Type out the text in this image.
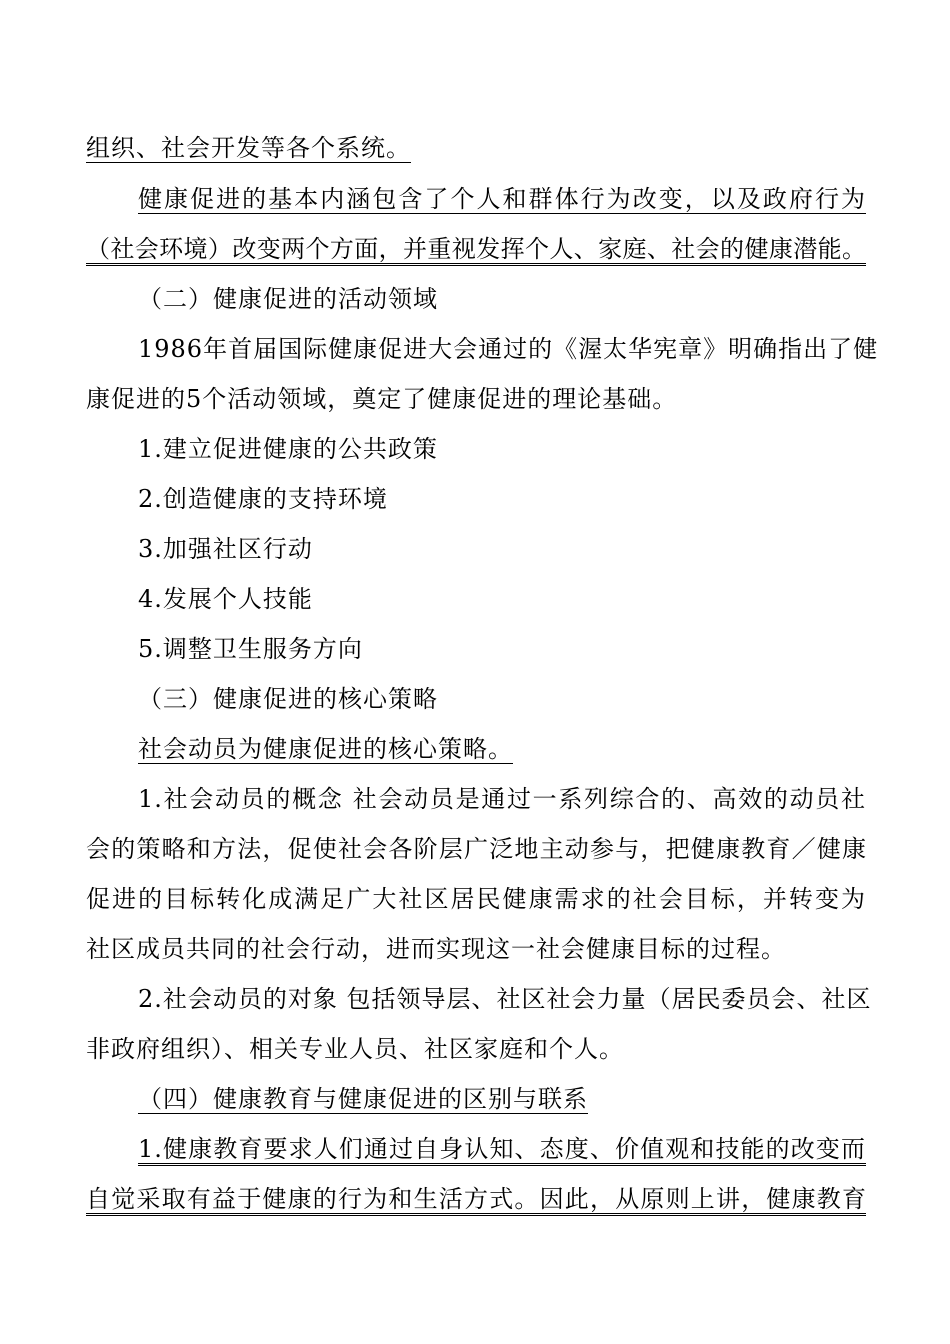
组织、社会开发等各个系统。
健康促进的基本内涵包含了个人和群体行为改变，以及政府行为
（社会环境）改变两个方面，并重视发挥个人、家庭、社会的健康潜能。
（二）健康促进的活动领域
1986年首届国际健康促进大会通过的《渥太华宪章》明确指出了健
康促进的5个活动领域，奠定了健康促进的理论基础。
1.建立促进健康的公共政策
2.创造健康的支持环境
3.加强社区行动
4.发展个人技能
5.调整卫生服务方向
（三）健康促进的核心策略
社会动员为健康促进的核心策略。
1.社会动员的概念 社会动员是通过一系列综合的、高效的动员社
会的策略和方法，促使社会各阶层广泛地主动参与，把健康教育／健康
促进的目标转化成满足广大社区居民健康需求的社会目标，并转变为
社区成员共同的社会行动，进而实现这一社会健康目标的过程。
2.社会动员的对象 包括领导层、社区社会力量（居民委员会、社区
非政府组织）、相关专业人员、社区家庭和个人。
（四）健康教育与健康促进的区别与联系
1.健康教育要求人们通过自身认知、态度、价值观和技能的改变而
自觉采取有益于健康的行为和生活方式。因此，从原则上讲，健康教育
